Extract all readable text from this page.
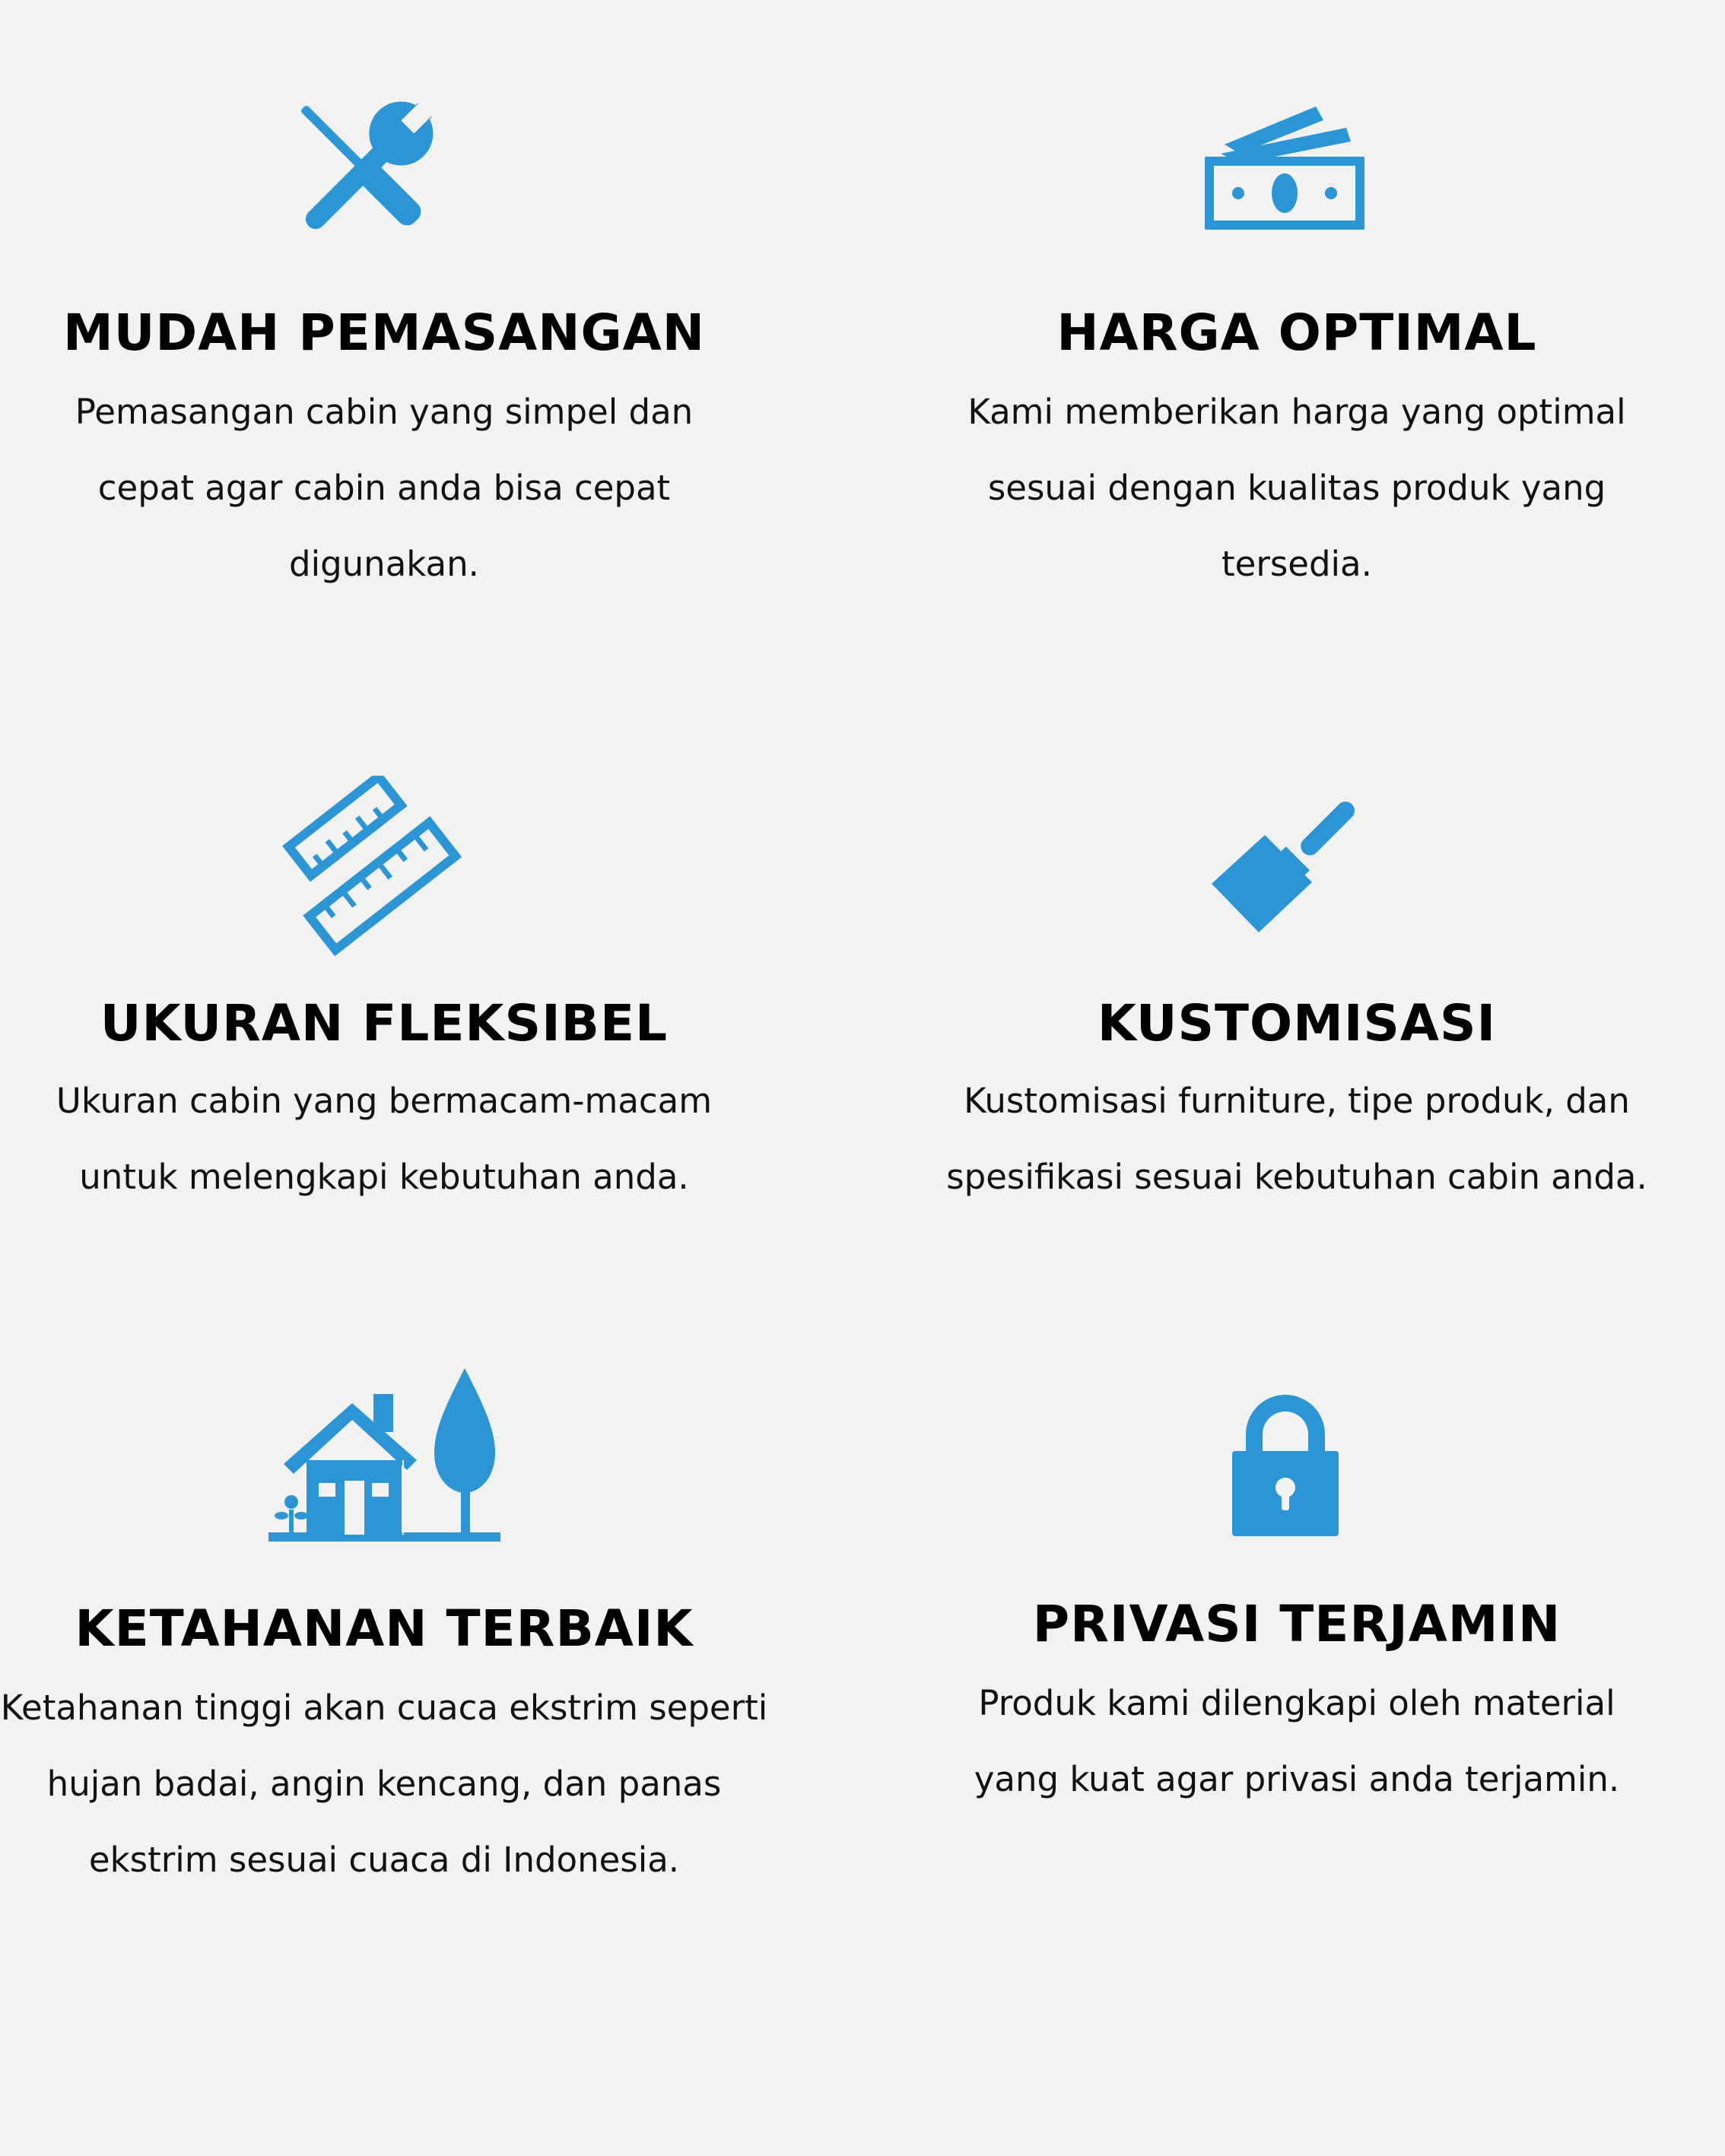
MUDAH PEMASANGAN

Pemasangan cabin yang simpel dan cepat agar cabin anda bisa cepat digunakan.

HARGA OPTIMAL

Kami memberikan harga yang optimal sesuai dengan kualitas produk yang tersedia.

UKURAN FLEKSIBEL

Ukuran cabin yang bermacam-macam untuk melengkapi kebutuhan anda.

KUSTOMISASI

Kustomisasi furniture, tipe produk, dan spesifikasi sesuai kebutuhan cabin anda.

KETAHANAN TERBAIK

Ketahanan tinggi akan cuaca ekstrim seperti hujan badai, angin kencang, dan panas ekstrim sesuai cuaca di Indonesia.

PRIVASI TERJAMIN

Produk kami dilengkapi oleh material yang kuat agar privasi anda terjamin.
